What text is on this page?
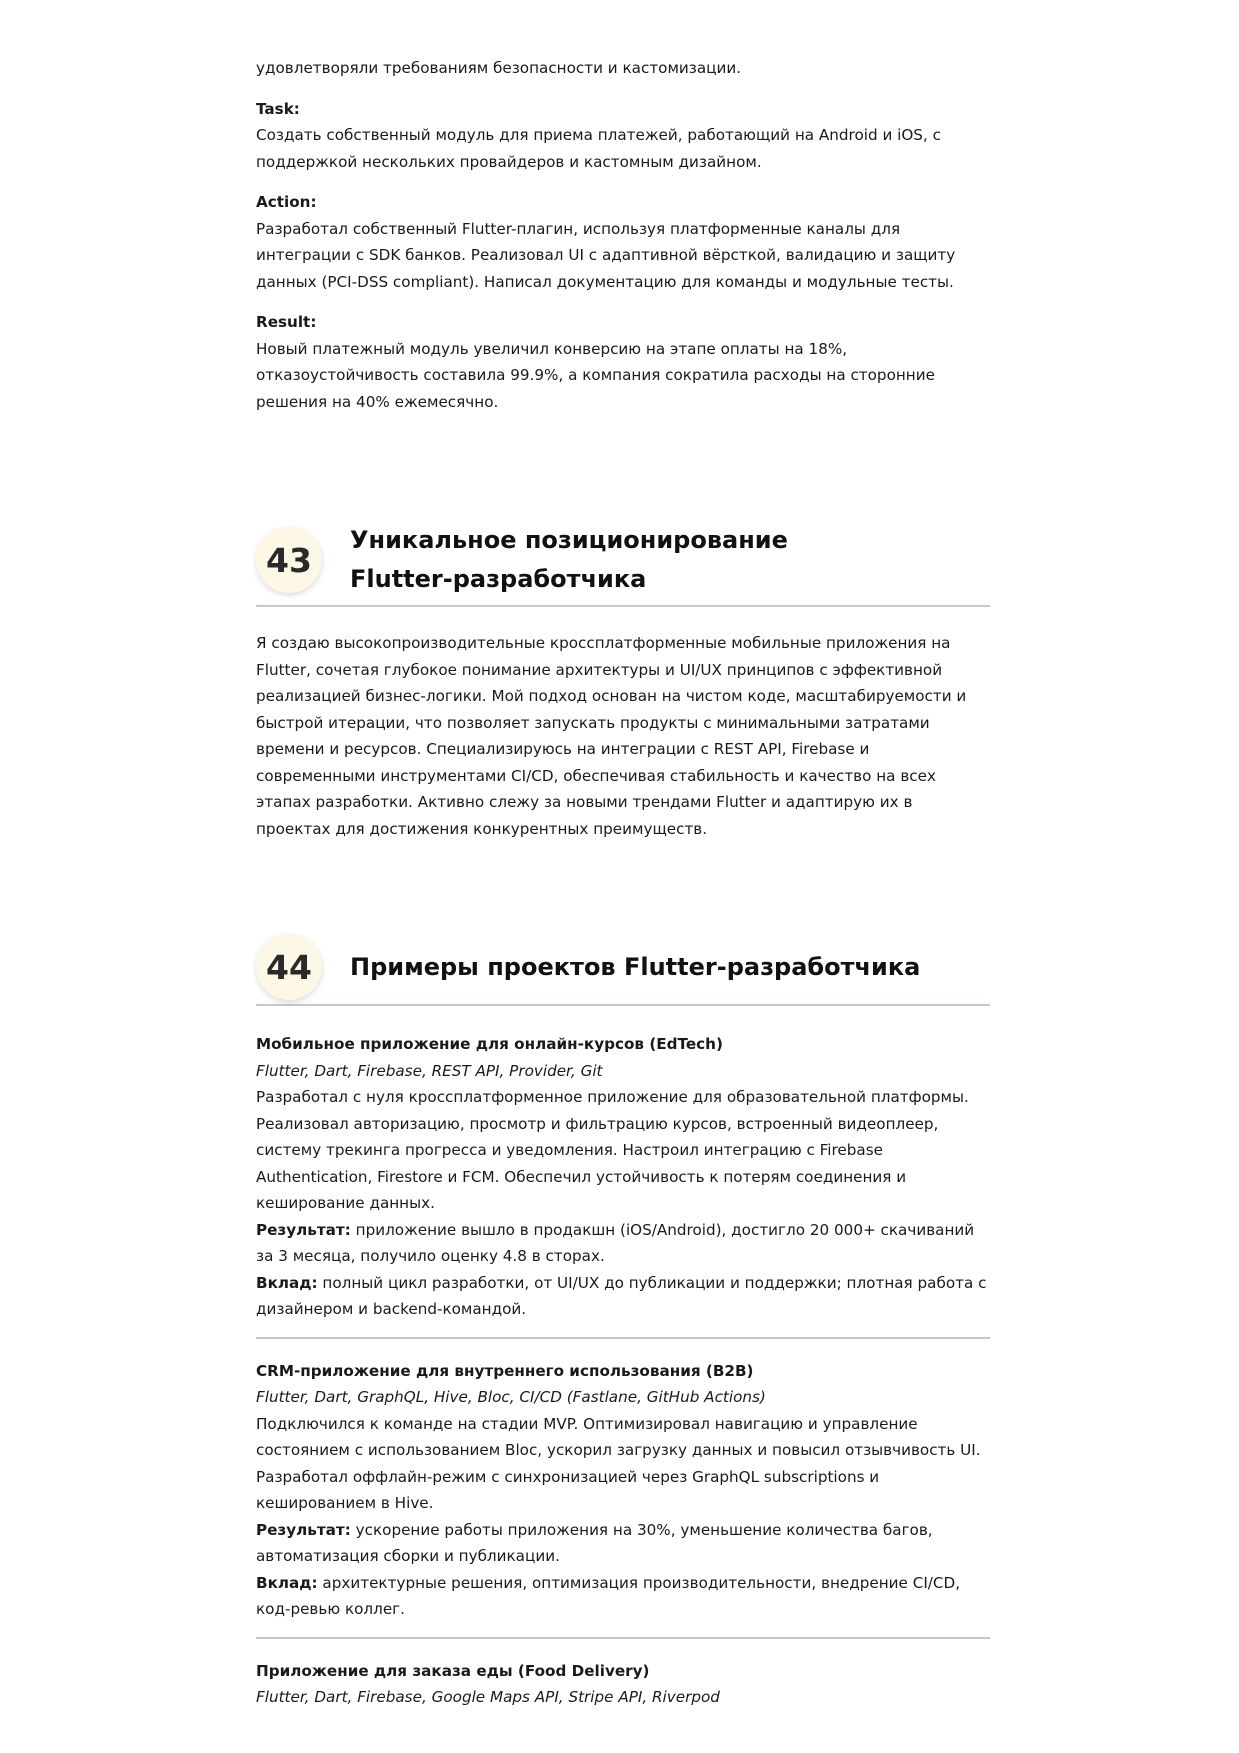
удовлетворяли требованиям безопасности и кастомизации.

Task:

Создать собственный модуль для приема платежей, работающий на Android и iOS, с поддержкой нескольких провайдеров и кастомным дизайном.

Action:

Разработал собственный Flutter-плагин, используя платформенные каналы для интеграции с SDK банков. Реализовал UI с адаптивной вёрсткой, валидацию и защиту данных (PCI-DSS compliant). Написал документацию для команды и модульные тесты.

Result:

Новый платежный модуль увеличил конверсию на этапе оплаты на 18%, отказоустойчивость составила 99.9%, а компания сократила расходы на сторонние решения на 40% ежемесячно.

43
Уникальное позиционирование Flutter-разработчика

Я создаю высокопроизводительные кроссплатформенные мобильные приложения на Flutter, сочетая глубокое понимание архитектуры и UI/UX принципов с эффективной реализацией бизнес-логики. Мой подход основан на чистом коде, масштабируемости и быстрой итерации, что позволяет запускать продукты с минимальными затратами времени и ресурсов. Специализируюсь на интеграции с REST API, Firebase и современными инструментами CI/CD, обеспечивая стабильность и качество на всех этапах разработки. Активно слежу за новыми трендами Flutter и адаптирую их в проектах для достижения конкурентных преимуществ.

44	Примеры проектов Flutter-разработчика

Мобильное приложение для онлайн-курсов (EdTech)

Flutter, Dart, Firebase, REST API, Provider, Git

Разработал с нуля кроссплатформенное приложение для образовательной платформы. Реализовал авторизацию, просмотр и фильтрацию курсов, встроенный видеоплеер, систему трекинга прогресса и уведомления. Настроил интеграцию с Firebase Authentication, Firestore и FCM. Обеспечил устойчивость к потерям соединения и кеширование данных.

Результат: приложение вышло в продакшн (iOS/Android), достигло 20 000+ скачиваний за 3 месяца, получило оценку 4.8 в сторах.

Вклад: полный цикл разработки, от UI/UX до публикации и поддержки; плотная работа с дизайнером и backend-командой.

CRM-приложение для внутреннего использования (B2B)

Flutter, Dart, GraphQL, Hive, Bloc, CI/CD (Fastlane, GitHub Actions)

Подключился к команде на стадии MVP. Оптимизировал навигацию и управление состоянием с использованием Bloc, ускорил загрузку данных и повысил отзывчивость UI. Разработал оффлайн-режим с синхронизацией через GraphQL subscriptions и кешированием в Hive.

Результат: ускорение работы приложения на 30%, уменьшение количества багов, автоматизация сборки и публикации.

Вклад: архитектурные решения, оптимизация производительности, внедрение CI/CD, код-ревью коллег.

Приложение для заказа еды (Food Delivery)

Flutter, Dart, Firebase, Google Maps API, Stripe API, Riverpod
